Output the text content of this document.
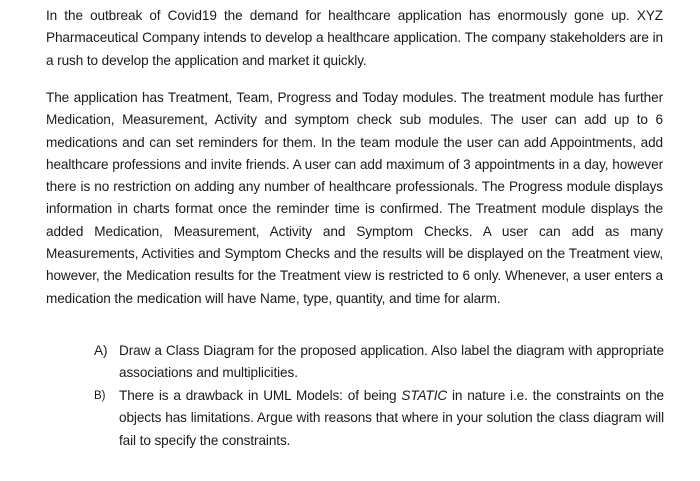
In the outbreak of Covid19 the demand for healthcare application has enormously gone up. XYZ Pharmaceutical Company intends to develop a healthcare application. The company stakeholders are in a rush to develop the application and market it quickly.

The application has Treatment, Team, Progress and Today modules. The treatment module has further Medication, Measurement, Activity and symptom check sub modules. The user can add up to 6 medications and can set reminders for them. In the team module the user can add Appointments, add healthcare professions and invite friends. A user can add maximum of 3 appointments in a day, however there is no restriction on adding any number of healthcare professionals. The Progress module displays information in charts format once the reminder time is confirmed. The Treatment module displays the added Medication, Measurement, Activity and Symptom Checks. A user can add as many Measurements, Activities and Symptom Checks and the results will be displayed on the Treatment view, however, the Medication results for the Treatment view is restricted to 6 only. Whenever, a user enters a medication the medication will have Name, type, quantity, and time for alarm.

A) Draw a Class Diagram for the proposed application. Also label the diagram with appropriate associations and multiplicities.
B)	There is a drawback in UML Models: of being STATIC in nature i.e. the constraints on the objects has limitations. Argue with reasons that where in your solution the class diagram will fail to specify the constraints.
